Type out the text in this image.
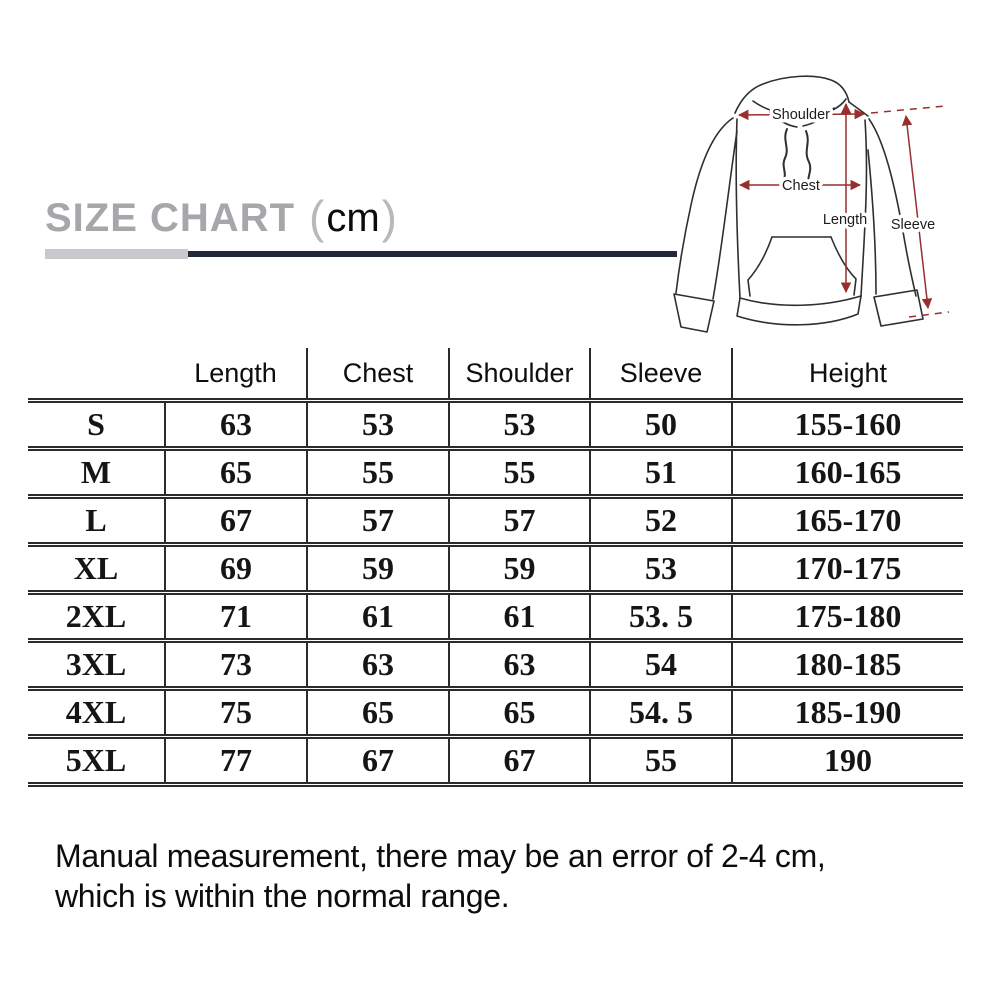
SIZE CHART (cm)
Shoulder
Chest
Length Sleeve
	Length	Chest	Shoulder	Sleeve	Height
S	63	53	53	50	155-160
M	65	55	55	51	160-165
L	67	57	57	52	165-170
XL	69	59	59	53	170-175
2XL	71	61	61	53. 5	175-180
3XL	73	63	63	54	180-185
4XL	75	65	65	54. 5	185-190
5XL	77	67	67	55	190
Manual measurement, there may be an error of 2-4 cm,
which is within the normal range.
